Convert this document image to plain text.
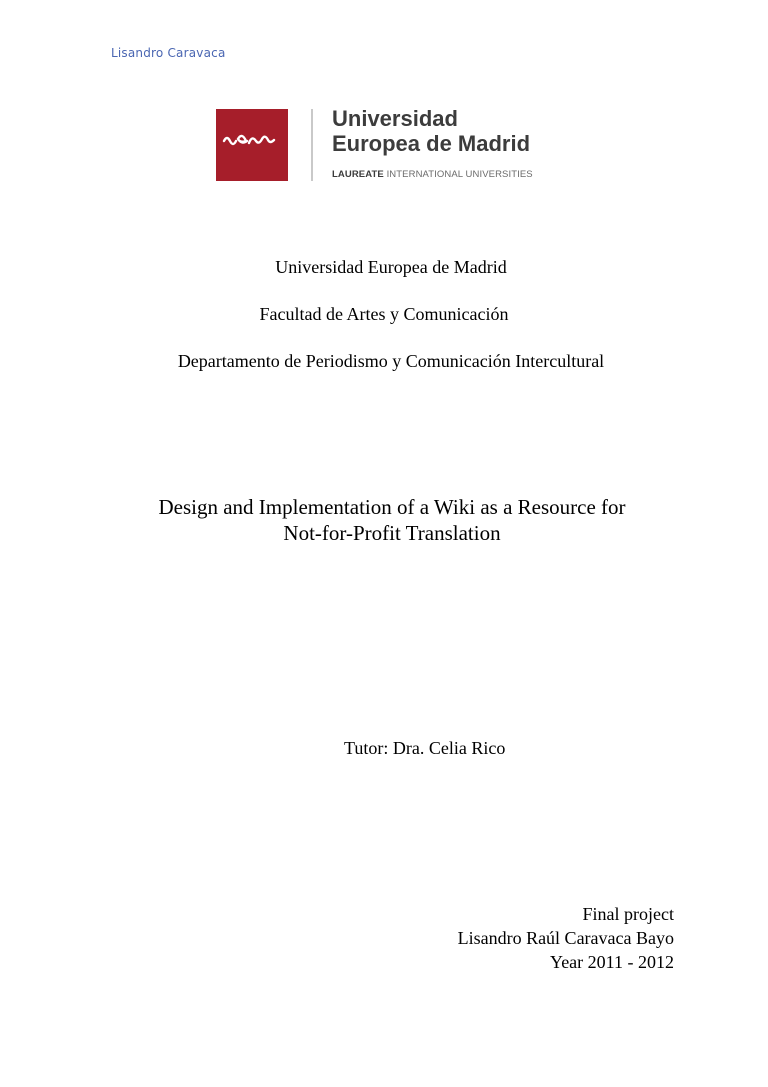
Lisandro Caravaca
Universidad
Europea de Madrid
LAUREATE INTERNATIONAL UNIVERSITIES
Universidad Europea de Madrid
Facultad de Artes y Comunicación
Departamento de Periodismo y Comunicación Intercultural
Design and Implementation of a Wiki as a Resource for
Not-for-Profit Translation
Tutor: Dra. Celia Rico
Final project
Lisandro Raúl Caravaca Bayo
Year 2011 - 2012
